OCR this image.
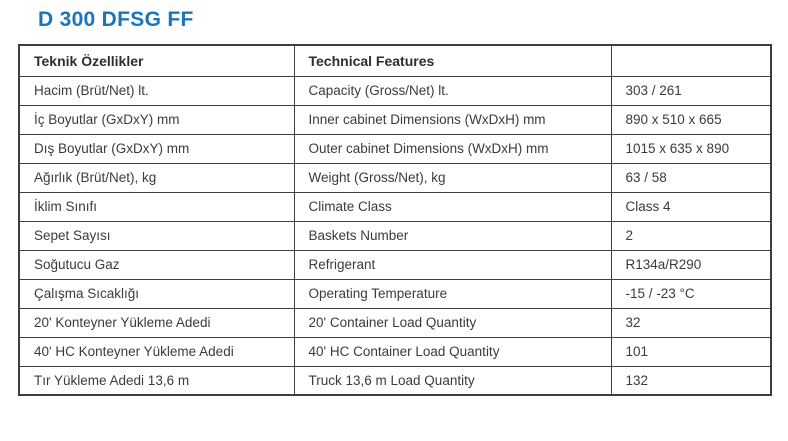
D 300 DFSG FF
Teknik Özellikler	Technical Features	
Hacim (Brüt/Net) lt.	Capacity (Gross/Net) lt.	303 / 261
İç Boyutlar (GxDxY) mm	Inner cabinet Dimensions (WxDxH) mm	890 x 510 x 665
Dış Boyutlar (GxDxY) mm	Outer cabinet Dimensions (WxDxH) mm	1015 x 635 x 890
Ağırlık (Brüt/Net), kg	Weight (Gross/Net), kg	63 / 58
İklim Sınıfı	Climate Class	Class 4
Sepet Sayısı	Baskets Number	2
Soğutucu Gaz	Refrigerant	R134a/R290
Çalışma Sıcaklığı	Operating Temperature	-15 / -23 °C
20' Konteyner Yükleme Adedi	20' Container Load Quantity	32
40' HC Konteyner Yükleme Adedi	40' HC Container Load Quantity	101
Tır Yükleme Adedi 13,6 m	Truck 13,6 m Load Quantity	132
